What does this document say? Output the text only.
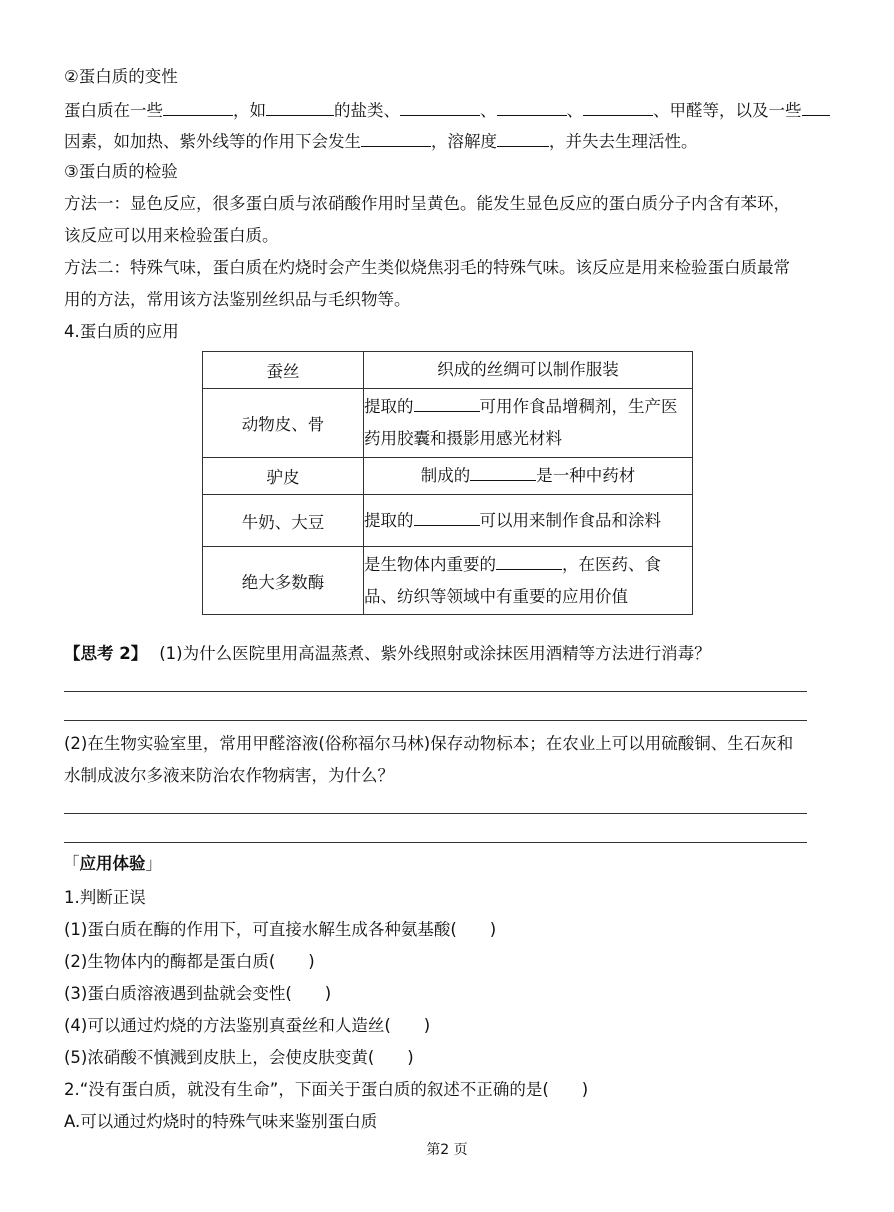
②蛋白质的变性
蛋白质在一些	，如	的盐类、	、	、	、甲醛等，以及一些
因素，如加热、紫外线等的作用下会发生	，溶解度	，并失去生理活性。
③蛋白质的检验
方法一：显色反应，很多蛋白质与浓硝酸作用时呈黄色。能发生显色反应的蛋白质分子内含有苯环，
该反应可以用来检验蛋白质。
方法二：特殊气味，蛋白质在灼烧时会产生类似烧焦羽毛的特殊气味。该反应是用来检验蛋白质最常
用的方法，常用该方法鉴别丝织品与毛织物等。
4.蛋白质的应用
蚕丝	织成的丝绸可以制作服装
动物皮、骨	提取的 可用作食品增稠剂，生产医
药用胶囊和摄影用感光材料

驴皮	制成的 是一种中药材
牛奶、大豆	提取的 可以用来制作食品和涂料
绝大多数酶	是生物体内重要的 ，在医药、食
品、纺织等领域中有重要的应用价值
【思考 2】 (1)为什么医院里用高温蒸煮、紫外线照射或涂抹医用酒精等方法进行消毒？
(2)在生物实验室里，常用甲醛溶液(俗称福尔马林)保存动物标本；在农业上可以用硫酸铜、生石灰和
水制成波尔多液来防治农作物病害，为什么？
「应用体验」
1.判断正误
(1)蛋白质在酶的作用下，可直接水解生成各种氨基酸(　　)
(2)生物体内的酶都是蛋白质(　　)
(3)蛋白质溶液遇到盐就会变性(　　)
(4)可以通过灼烧的方法鉴别真蚕丝和人造丝(　　)
(5)浓硝酸不慎溅到皮肤上，会使皮肤变黄(　　)
2.“没有蛋白质，就没有生命”，下面关于蛋白质的叙述不正确的是(　　)
A.可以通过灼烧时的特殊气味来鉴别蛋白质
第2 页
